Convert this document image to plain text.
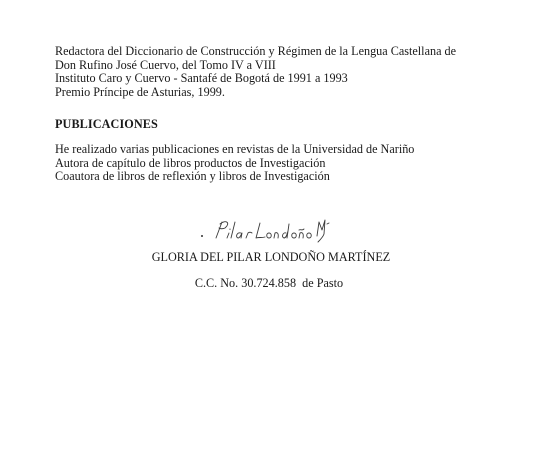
Redactora del Diccionario de Construcción y Régimen de la Lengua Castellana de

Don Rufino José Cuervo, del Tomo IV a VIII

Instituto Caro y Cuervo - Santafé de Bogotá de 1991 a 1993

Premio Príncipe de Asturias, 1999.

PUBLICACIONES

He realizado varias publicaciones en revistas de la Universidad de Nariño

Autora de capítulo de libros productos de Investigación

Coautora de libros de reflexión y libros de Investigación

GLORIA DEL PILAR LONDOÑO MARTÍNEZ
C.C. No. 30.724.858  de Pasto
